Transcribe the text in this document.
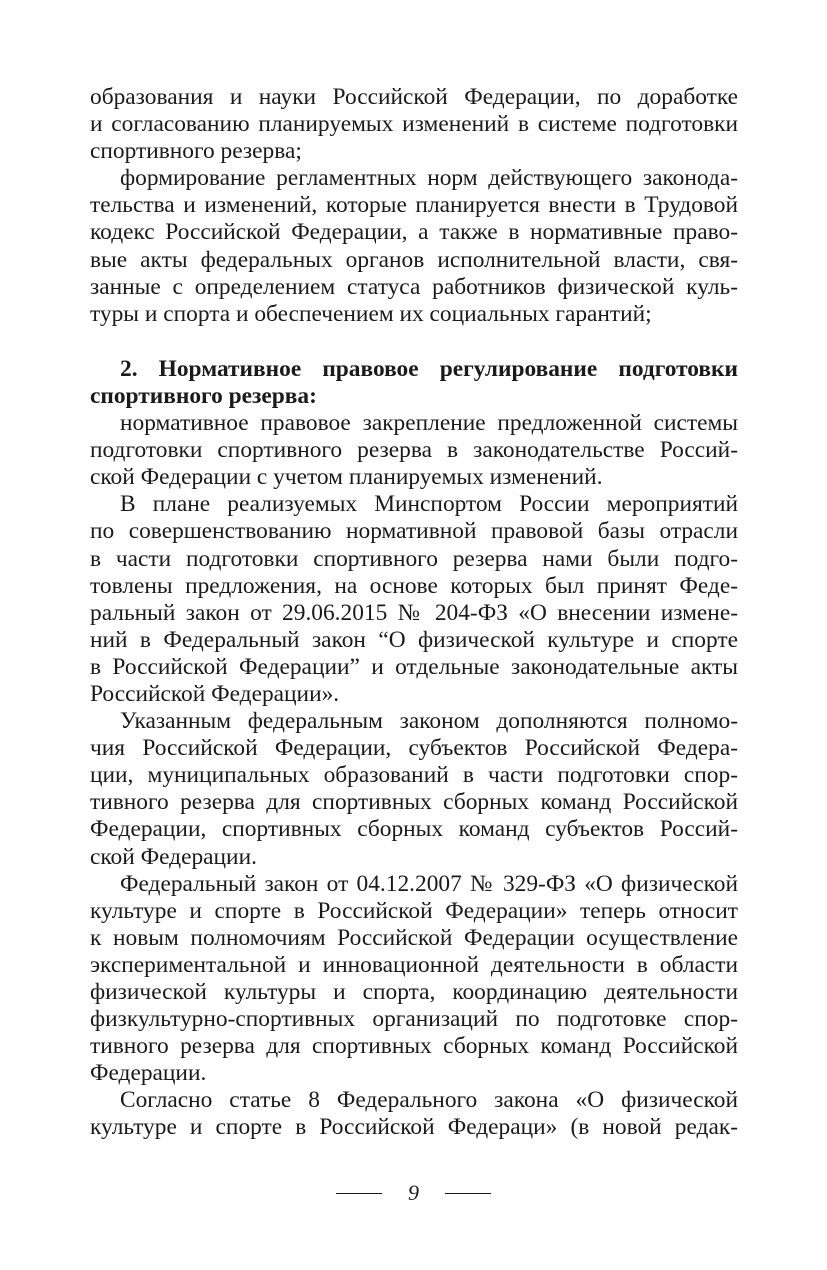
образования и науки Российской Федерации, по доработке

и согласованию планируемых изменений в системе подготовки

спортивного резерва;

формирование регламентных норм действующего законода-

тельства и изменений, которые планируется внести в Трудовой

кодекс Российской Федерации, а также в нормативные право-

вые акты федеральных органов исполнительной власти, свя-

занные с определением статуса работников физической куль-

туры и спорта и обеспечением их социальных гарантий;

2. Нормативное правовое регулирование подготовки

спортивного резерва:

нормативное правовое закрепление предложенной системы

подготовки спортивного резерва в законодательстве Россий-

ской Федерации с учетом планируемых изменений.

В плане реализуемых Минспортом России мероприятий

по совершенствованию нормативной правовой базы отрасли

в части подготовки спортивного резерва нами были подго-

товлены предложения, на основе которых был принят Феде-

ральный закон от 29.06.2015 № 204-ФЗ «О внесении измене-

ний в Федеральный закон “О физической культуре и спорте

в Российской Федерации” и отдельные законодательные акты

Российской Федерации».

Указанным федеральным законом дополняются полномо-

чия Российской Федерации, субъектов Российской Федера-

ции, муниципальных образований в части подготовки спор-

тивного резерва для спортивных сборных команд Российской

Федерации, спортивных сборных команд субъектов Россий-

ской Федерации.

Федеральный закон от 04.12.2007 № 329-ФЗ «О физической

культуре и спорте в Российской Федерации» теперь относит

к новым полномочиям Российской Федерации осуществление

экспериментальной и инновационной деятельности в области

физической культуры и спорта, координацию деятельности

физкультурно-спортивных организаций по подготовке спор-

тивного резерва для спортивных сборных команд Российской

Федерации.

Согласно статье 8 Федерального закона «О физической

культуре и спорте в Российской Федераци» (в новой редак-

9
